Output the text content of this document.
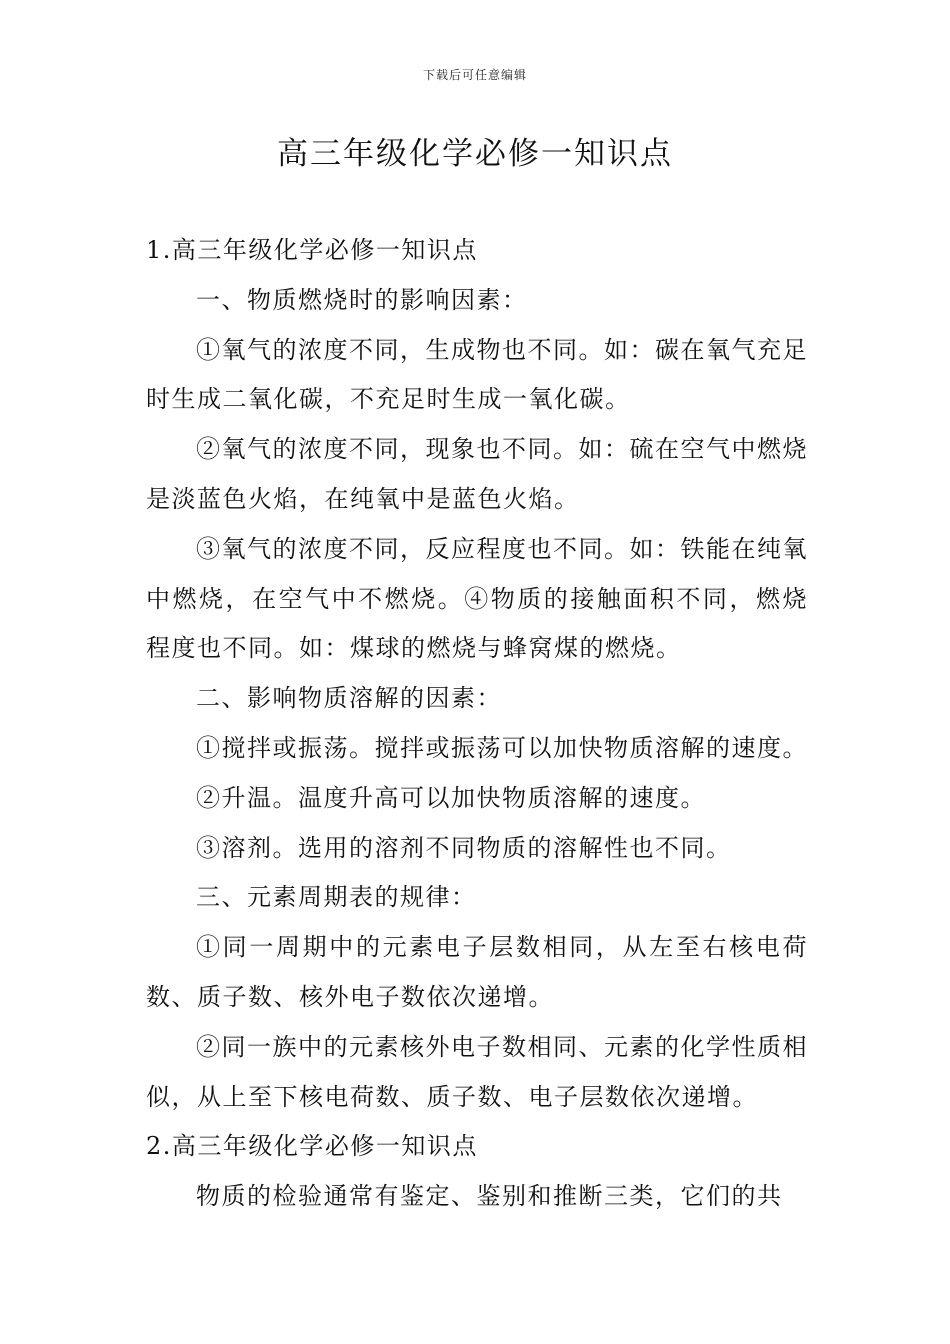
下载后可任意编辑
高三年级化学必修一知识点

1.高三年级化学必修一知识点

一、物质燃烧时的影响因素：

①氧气的浓度不同，生成物也不同。如：碳在氧气充足时生成二氧化碳，不充足时生成一氧化碳。

②氧气的浓度不同，现象也不同。如：硫在空气中燃烧是淡蓝色火焰，在纯氧中是蓝色火焰。

③氧气的浓度不同，反应程度也不同。如：铁能在纯氧中燃烧，在空气中不燃烧。④物质的接触面积不同，燃烧程度也不同。如：煤球的燃烧与蜂窝煤的燃烧。

二、影响物质溶解的因素：

①搅拌或振荡。搅拌或振荡可以加快物质溶解的速度。

②升温。温度升高可以加快物质溶解的速度。

③溶剂。选用的溶剂不同物质的溶解性也不同。

三、元素周期表的规律：

①同一周期中的元素电子层数相同，从左至右核电荷数、质子数、核外电子数依次递增。

②同一族中的元素核外电子数相同、元素的化学性质相似，从上至下核电荷数、质子数、电子层数依次递增。

2.高三年级化学必修一知识点

物质的检验通常有鉴定、鉴别和推断三类，它们的共
